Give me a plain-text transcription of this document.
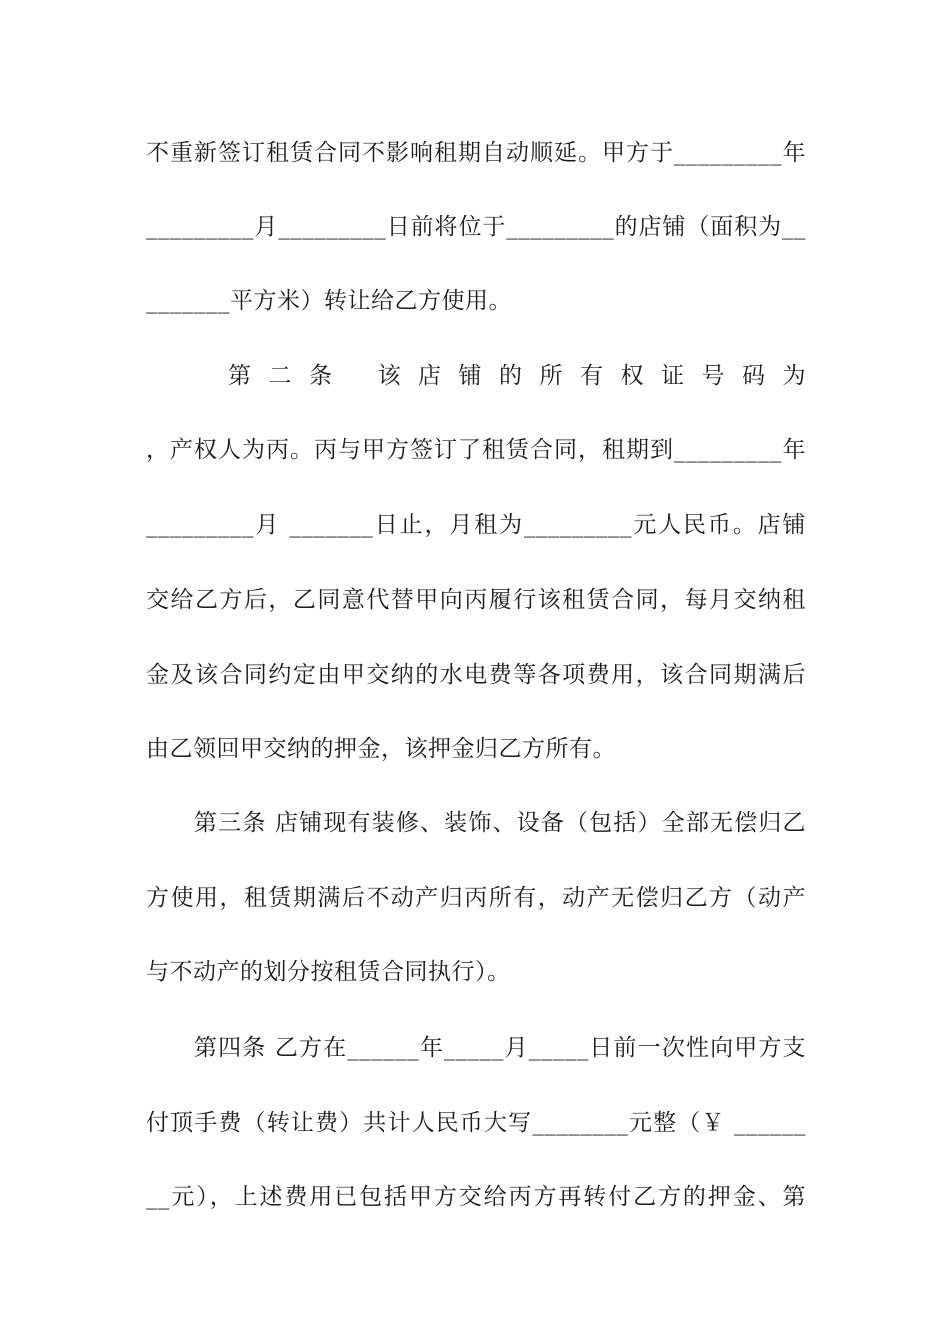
不重新签订租赁合同不影响租期自动顺延。甲方于_________年
_________月_________日前将位于_________的店铺（面积为__
_______平方米）转让给乙方使用。
第 二 条　 该 店 铺 的 所 有 权 证 号 码 为
，产权人为丙。丙与甲方签订了租赁合同，租期到_________年
_________月 _______日止，月租为_________元人民币。店铺
交给乙方后，乙同意代替甲向丙履行该租赁合同，每月交纳租
金及该合同约定由甲交纳的水电费等各项费用，该合同期满后
由乙领回甲交纳的押金，该押金归乙方所有。
第三条 店铺现有装修、装饰、设备（包括）全部无偿归乙
方使用，租赁期满后不动产归丙所有，动产无偿归乙方（动产
与不动产的划分按租赁合同执行）。
第四条 乙方在______年_____月_____日前一次性向甲方支
付顶手费（转让费）共计人民币大写________元整（￥ ______
__元），上述费用已包括甲方交给丙方再转付乙方的押金、第
